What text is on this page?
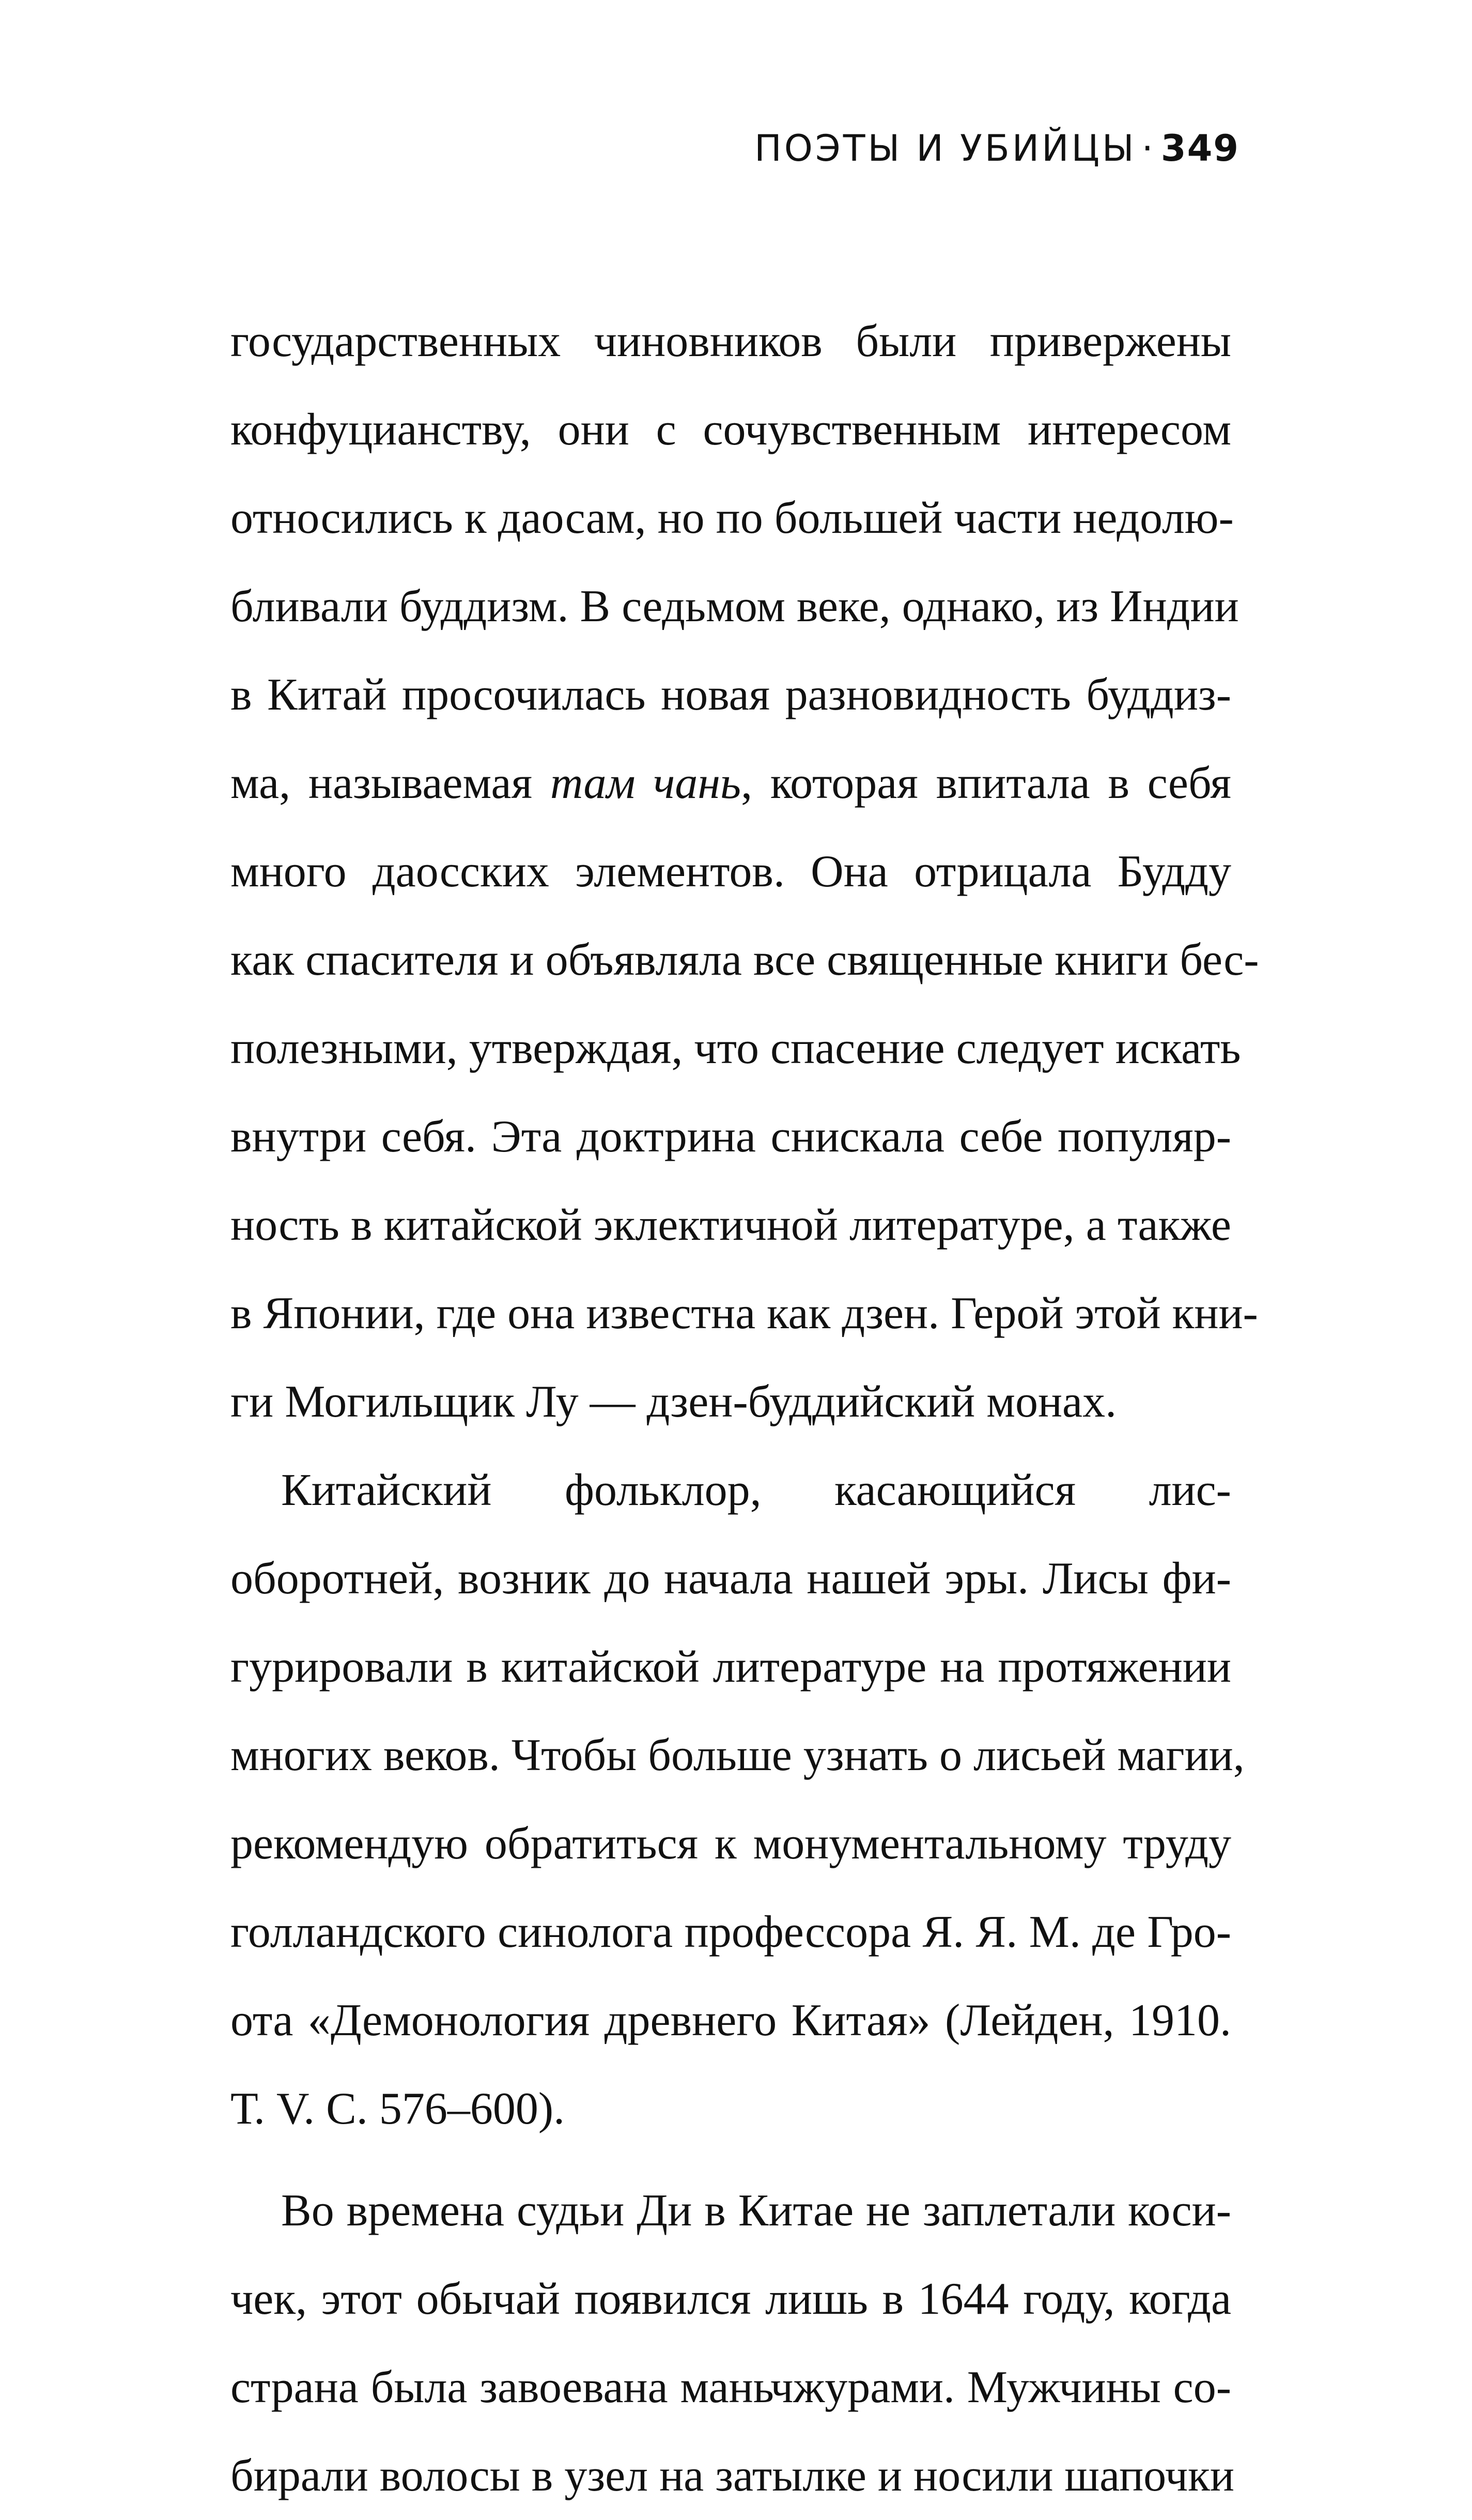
ПОЭТЫ И УБИЙЦЫ · 349
государственных чиновников были привержены
конфуцианству, они с сочувственным интересом
относились к даосам, но по большей части недолю-
бливали буддизм. В седьмом веке, однако, из Индии
в Китай просочилась новая разновидность буддиз-
ма, называемая там чань, которая впитала в себя
много даосских элементов. Она отрицала Будду
как спасителя и объявляла все священные книги бес-
полезными, утверждая, что спасение следует искать
внутри себя. Эта доктрина снискала себе популяр-
ность в китайской эклектичной литературе, а также
в Японии, где она известна как дзен. Герой этой кни-
ги Могильщик Лу — дзен-буддийский монах.
Китайский фольклор, касающийся лис-
оборотней, возник до начала нашей эры. Лисы фи-
гурировали в китайской литературе на протяжении
многих веков. Чтобы больше узнать о лисьей магии,
рекомендую обратиться к монументальному труду
голландского синолога профессора Я. Я. М. де Гро-
ота «Демонология древнего Китая» (Лейден, 1910.
Т. V. С. 576–600).
Во времена судьи Ди в Китае не заплетали коси-
чек, этот обычай появился лишь в 1644 году, когда
страна была завоевана маньчжурами. Мужчины со-
бирали волосы в узел на затылке и носили шапочки
